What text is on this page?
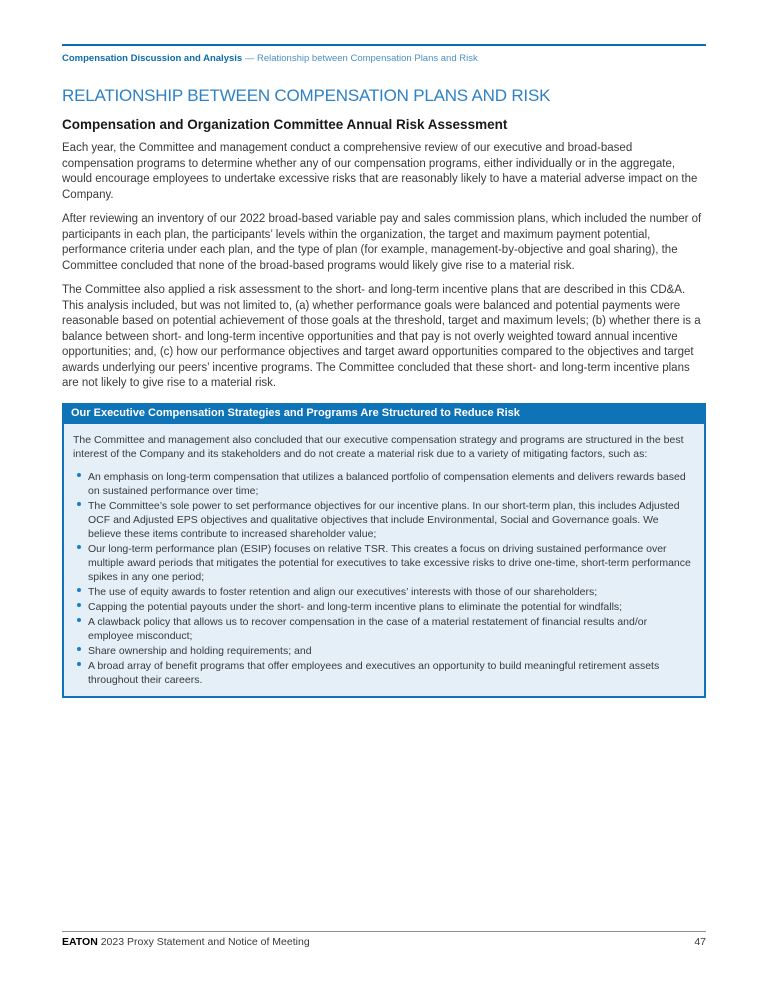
Compensation Discussion and Analysis — Relationship between Compensation Plans and Risk
RELATIONSHIP BETWEEN COMPENSATION PLANS AND RISK
Compensation and Organization Committee Annual Risk Assessment

Each year, the Committee and management conduct a comprehensive review of our executive and broad-based compensation programs to determine whether any of our compensation programs, either individually or in the aggregate, would encourage employees to undertake excessive risks that are reasonably likely to have a material adverse impact on the Company.

After reviewing an inventory of our 2022 broad-based variable pay and sales commission plans, which included the number of participants in each plan, the participants’ levels within the organization, the target and maximum payment potential, performance criteria under each plan, and the type of plan (for example, management-by-objective and goal sharing), the Committee concluded that none of the broad-based programs would likely give rise to a material risk.

The Committee also applied a risk assessment to the short- and long-term incentive plans that are described in this CD&A. This analysis included, but was not limited to, (a) whether performance goals were balanced and potential payments were reasonable based on potential achievement of those goals at the threshold, target and maximum levels; (b) whether there is a balance between short- and long-term incentive opportunities and that pay is not overly weighted toward annual incentive opportunities; and, (c) how our performance objectives and target award opportunities compared to the objectives and target awards underlying our peers’ incentive programs. The Committee concluded that these short- and long-term incentive plans are not likely to give rise to a material risk.

Our Executive Compensation Strategies and Programs Are Structured to Reduce Risk

The Committee and management also concluded that our executive compensation strategy and programs are structured in the best interest of the Company and its stakeholders and do not create a material risk due to a variety of mitigating factors, such as:

An emphasis on long-term compensation that utilizes a balanced portfolio of compensation elements and delivers rewards based on sustained performance over time;
The Committee’s sole power to set performance objectives for our incentive plans. In our short-term plan, this includes Adjusted OCF and Adjusted EPS objectives and qualitative objectives that include Environmental, Social and Governance goals. We believe these items contribute to increased shareholder value;
Our long-term performance plan (ESIP) focuses on relative TSR. This creates a focus on driving sustained performance over multiple award periods that mitigates the potential for executives to take excessive risks to drive one-time, short-term performance spikes in any one period;
The use of equity awards to foster retention and align our executives’ interests with those of our shareholders;
Capping the potential payouts under the short- and long-term incentive plans to eliminate the potential for windfalls;
A clawback policy that allows us to recover compensation in the case of a material restatement of financial results and/or employee misconduct;
Share ownership and holding requirements; and
A broad array of benefit programs that offer employees and executives an opportunity to build meaningful retirement assets throughout their careers.
EATON 2023 Proxy Statement and Notice of Meeting	47
